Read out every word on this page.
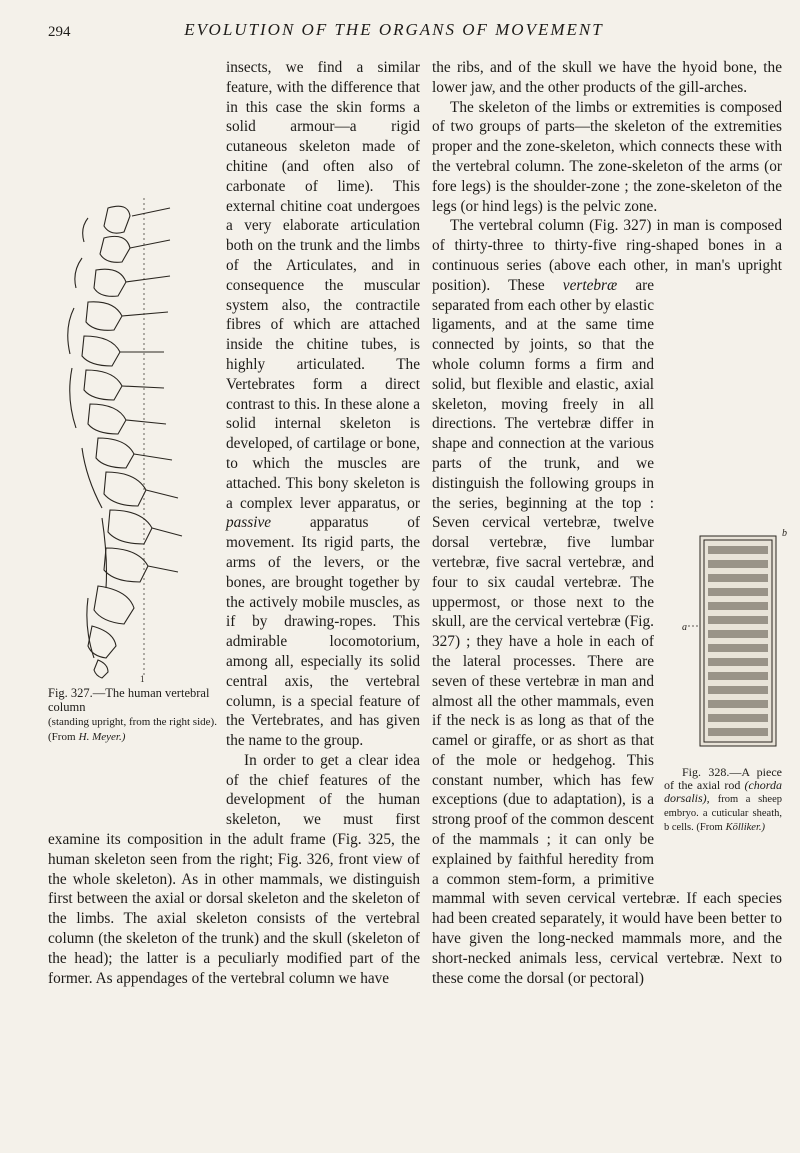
294	EVOLUTION OF THE ORGANS OF MOVEMENT

1
Fig. 327.—The human vertebral column
(standing upright, from the right side). (From H. Meyer.)
insects, we find a similar feature, with the difference that in this case the skin forms a solid armour—a rigid cutaneous skeleton made of chitine (and often also of carbonate of lime). This external chitine coat undergoes a very elaborate articulation both on the trunk and the limbs of the Articulates, and in consequence the muscular system also, the contractile fibres of which are attached inside the chitine tubes, is highly articulated. The Vertebrates form a direct contrast to this. In these alone a solid internal skeleton is developed, of cartilage or bone, to which the muscles are attached. This bony skeleton is a complex lever apparatus, or passive	apparatus of movement. Its rigid parts, the arms of the levers, or the bones, are brought together by the actively mobile muscles, as if by drawing-ropes. This admirable locomotorium, among all, especially its solid central axis, the vertebral column, is a special feature of the Vertebrates, and has given the name to the group.
In order to get a clear idea of the chief features of the development of the human skeleton, we must first examine its composition in the adult frame (Fig. 325, the human skeleton seen from the right; Fig. 326, front view of the whole skeleton). As in other mammals, we distinguish first between the axial or dorsal skeleton and the skeleton of the limbs. The axial skeleton consists of the vertebral column (the skeleton of the trunk) and the skull (skeleton of the head); the latter is a peculiarly modified part of the former. As appendages of the vertebral column we have

the ribs, and of the skull we have the hyoid bone, the lower jaw, and the other products of the gill-arches.

The skeleton of the limbs or extremities is composed of two groups of parts—the skeleton of the extremities proper and the zone-skeleton, which connects these with the vertebral column. The zone-skeleton of the arms (or fore legs) is the shoulder-zone ; the zone-skeleton of the legs (or hind legs) is the pelvic zone.

The vertebral column (Fig. 327) in man is composed of thirty-three to thirty-five ring-shaped bones in a continuous series (above each other, in man's upright position). These vertebræ
b
a
Fig. 328.—A piece of the axial rod (chorda dorsalis), from a sheep embryo. a cuticular sheath, b cells. (From Kölliker.)
are separated from each other by elastic ligaments, and at the same time connected by joints, so that the whole column forms a firm and solid, but flexible and elastic, axial skeleton, moving freely in all directions. The vertebræ differ in shape and connection at the various parts of the trunk, and we distinguish the following groups in the series, beginning at the top : Seven cervical vertebræ, twelve dorsal vertebræ, five lumbar vertebræ, five sacral vertebræ, and four to six caudal vertebræ. The uppermost, or those next to the skull, are the cervical vertebræ (Fig. 327) ; they have a hole in each of the lateral processes. There are seven of these vertebræ in man and almost all the other mammals, even if the neck is as long as that of the camel or giraffe, or as short as that of the mole or hedgehog. This constant number, which has few exceptions (due to adaptation), is a strong proof of the common descent of the mammals ; it can only be explained by faithful heredity from a common stem-form, a primitive mammal with seven cervical vertebræ. If each species had been created separately, it would have been better to have given the long-necked mammals more, and the short-necked animals less, cervical vertebræ. Next to these come the dorsal (or pectoral)
